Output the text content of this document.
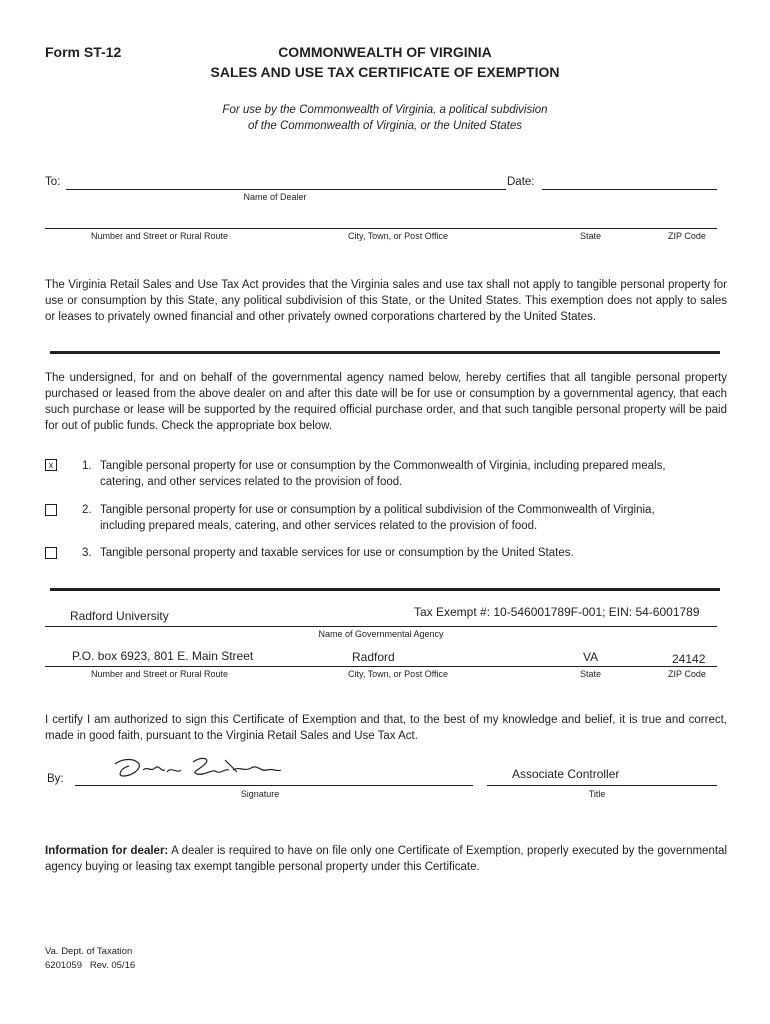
Form ST-12	COMMONWEALTH OF VIRGINIA
SALES AND USE TAX CERTIFICATE OF EXEMPTION
For use by the Commonwealth of Virginia, a political subdivision
of the Commonwealth of Virginia, or the United States
To:	Date:
Name of Dealer
Number and Street or Rural Route	City, Town, or Post Office	State	ZIP Code
The Virginia Retail Sales and Use Tax Act provides that the Virginia sales and use tax shall not apply to tangible personal property for use or consumption by this State, any political subdivision of this State, or the United States. This exemption does not apply to sales or leases to privately owned financial and other privately owned corporations chartered by the United States.
The undersigned, for and on behalf of the governmental agency named below, hereby certifies that all tangible personal property purchased or leased from the above dealer on and after this date will be for use or consumption by a governmental agency, that each such purchase or lease will be supported by the required official purchase order, and that such tangible personal property will be paid for out of public funds. Check the appropriate box below.
x	1. Tangible personal property for use or consumption by the Commonwealth of Virginia, including prepared meals,
catering, and other services related to the provision of food.
2. Tangible personal property for use or consumption by a political subdivision of the Commonwealth of Virginia,
including prepared meals, catering, and other services related to the provision of food.
3. Tangible personal property and taxable services for use or consumption by the United States.
Radford University	Tax Exempt #: 10-546001789F-001; EIN: 54-6001789
Name of Governmental Agency
P.O. box 6923, 801 E. Main Street	Radford	VA	24142
Number and Street or Rural Route	City, Town, or Post Office	State	ZIP Code
I certify I am authorized to sign this Certificate of Exemption and that, to the best of my knowledge and belief, it is true and correct, made in good faith, pursuant to the Virginia Retail Sales and Use Tax Act.
By:
Signature
Associate Controller
Title
Information for dealer: A dealer is required to have on file only one Certificate of Exemption, properly executed by the governmental agency buying or leasing tax exempt tangible personal property under this Certificate.
Va. Dept. of Taxation
6201059   Rev. 05/16
